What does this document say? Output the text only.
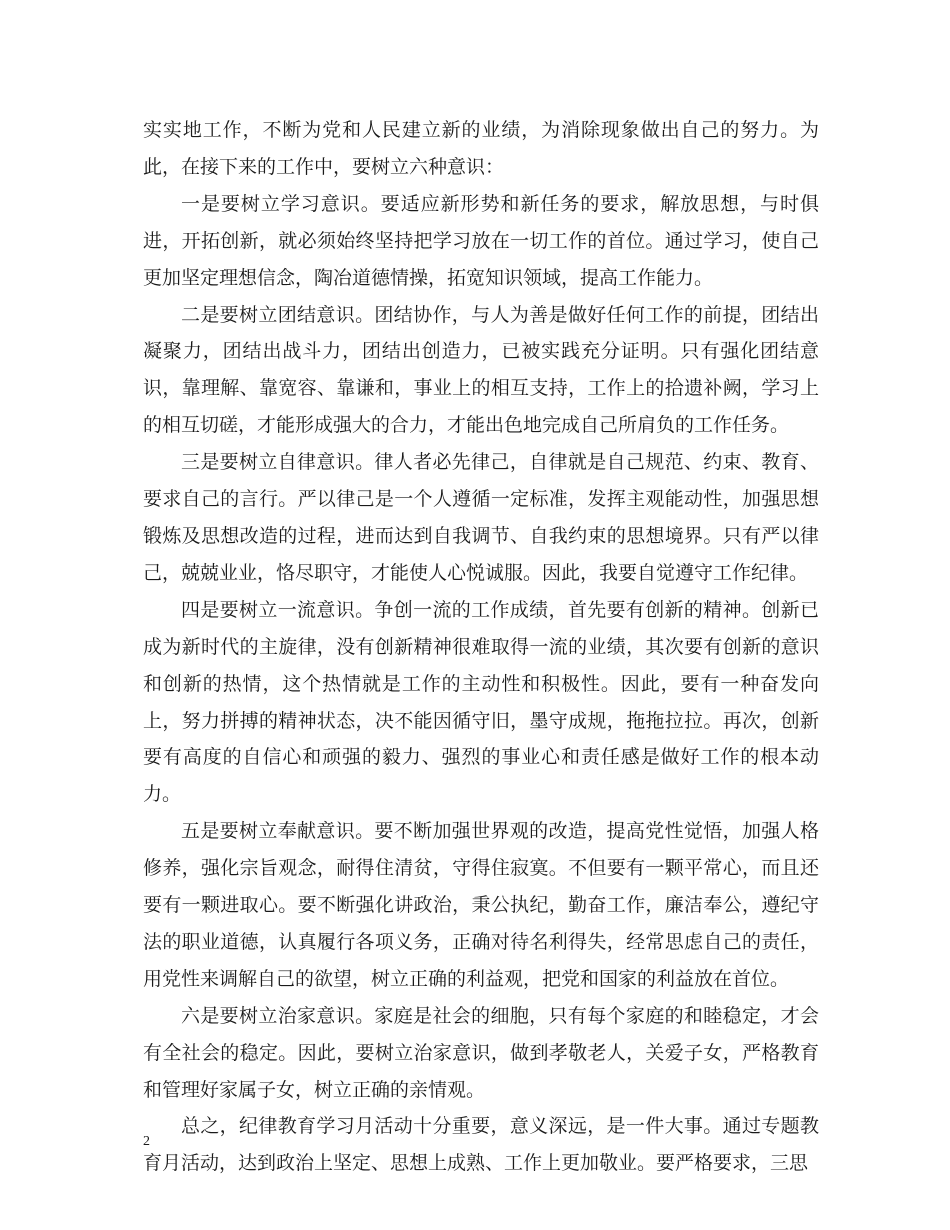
实实地工作，不断为党和人民建立新的业绩，为消除现象做出自己的努力。为此，在接下来的工作中，要树立六种意识：

一是要树立学习意识。要适应新形势和新任务的要求，解放思想，与时俱进，开拓创新，就必须始终坚持把学习放在一切工作的首位。通过学习，使自己更加坚定理想信念，陶冶道德情操，拓宽知识领域，提高工作能力。

二是要树立团结意识。团结协作，与人为善是做好任何工作的前提，团结出凝聚力，团结出战斗力，团结出创造力，已被实践充分证明。只有强化团结意识，靠理解、靠宽容、靠谦和，事业上的相互支持，工作上的拾遗补阙，学习上的相互切磋，才能形成强大的合力，才能出色地完成自己所肩负的工作任务。

三是要树立自律意识。律人者必先律己，自律就是自己规范、约束、教育、要求自己的言行。严以律己是一个人遵循一定标准，发挥主观能动性，加强思想锻炼及思想改造的过程，进而达到自我调节、自我约束的思想境界。只有严以律己，兢兢业业，恪尽职守，才能使人心悦诚服。因此，我要自觉遵守工作纪律。

四是要树立一流意识。争创一流的工作成绩，首先要有创新的精神。创新已成为新时代的主旋律，没有创新精神很难取得一流的业绩，其次要有创新的意识和创新的热情，这个热情就是工作的主动性和积极性。因此，要有一种奋发向上，努力拼搏的精神状态，决不能因循守旧，墨守成规，拖拖拉拉。再次，创新要有高度的自信心和顽强的毅力、强烈的事业心和责任感是做好工作的根本动力。

五是要树立奉献意识。要不断加强世界观的改造，提高党性觉悟，加强人格修养，强化宗旨观念，耐得住清贫，守得住寂寞。不但要有一颗平常心，而且还要有一颗进取心。要不断强化讲政治，秉公执纪，勤奋工作，廉洁奉公，遵纪守法的职业道德，认真履行各项义务，正确对待名利得失，经常思虑自己的责任，用党性来调解自己的欲望，树立正确的利益观，把党和国家的利益放在首位。

六是要树立治家意识。家庭是社会的细胞，只有每个家庭的和睦稳定，才会有全社会的稳定。因此，要树立治家意识，做到孝敬老人，关爱子女，严格教育和管理好家属子女，树立正确的亲情观。

总之，纪律教育学习月活动十分重要，意义深远，是一件大事。通过专题教育月活动，达到政治上坚定、思想上成熟、工作上更加敬业。要严格要求，三思

2
